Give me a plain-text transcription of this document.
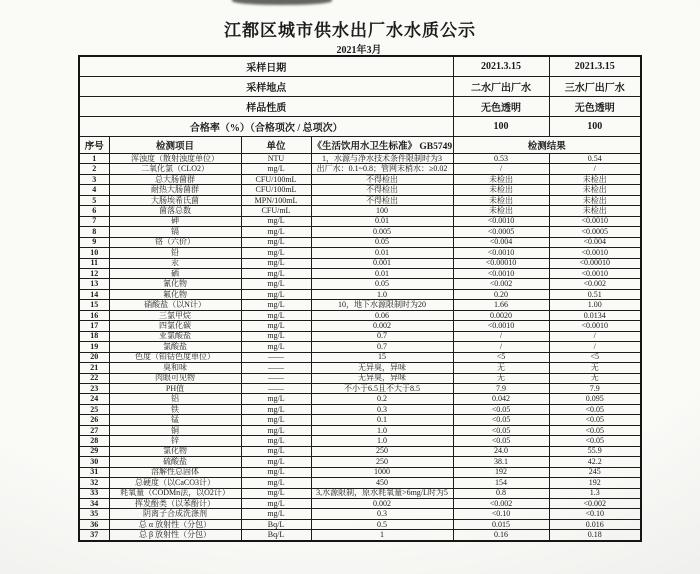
江都区城市供水出厂水水质公示
2021年3月
采样日期				2021.3.15	2021.3.15
采样地点				二水厂出厂水	三水厂出厂水
样品性质				无色透明	无色透明
合格率（%）（合格项次 / 总项次）				100	100
序号	检测项目	单位	《生活饮用水卫生标准》 GB5749	检测结果	
1	浑浊度（散射浊度单位）	NTU	1，水源与净水技术条件限制时为3	0.53	0.54
2	二氧化氯（CLO2）	mg/L	出厂水：0.1~0.8；管网末梢水：≥0.02	/	/
3	总大肠菌群	CFU/100mL	不得检出	未检出	未检出
4	耐热大肠菌群	CFU/100mL	不得检出	未检出	未检出
5	大肠埃希氏菌	MPN/100mL	不得检出	未检出	未检出
6	菌落总数	CFU/mL	100	未检出	未检出
7	砷	mg/L	0.01	<0.0010	<0.0010
8	镉	mg/L	0.005	<0.0005	<0.0005
9	铬（六价）	mg/L	0.05	<0.004	<0.004
10	铅	mg/L	0.01	<0.0010	<0.0010
11	汞	mg/L	0.001	<0.00010	<0.00010
12	硒	mg/L	0.01	<0.0010	<0.0010
13	氰化物	mg/L	0.05	<0.002	<0.002
14	氟化物	mg/L	1.0	0.20	0.51
15	硝酸盐（以N计）	mg/L	10，地下水源限制时为20	1.66	1.00
16	三氯甲烷	mg/L	0.06	0.0020	0.0134
17	四氯化碳	mg/L	0.002	<0.0010	<0.0010
18	亚氯酸盐	mg/L	0.7	/	/
19	氯酸盐	mg/L	0.7	/	/
20	色度（铂钴色度单位）	——	15	<5	<5
21	臭和味	——	无异臭，异味	无	无
22	肉眼可见物	——	无异臭，异味	无	无
23	PH值	——	不小于6.5且不大于8.5	7.9	7.9
24	铝	mg/L	0.2	0.042	0.095
25	铁	mg/L	0.3	<0.05	<0.05
26	锰	mg/L	0.1	<0.05	<0.05
27	铜	mg/L	1.0	<0.05	<0.05
28	锌	mg/L	1.0	<0.05	<0.05
29	氯化物	mg/L	250	24.0	55.9
30	硫酸盐	mg/L	250	38.1	42.2
31	溶解性总固体	mg/L	1000	192	245
32	总硬度（以CaCO3计）	mg/L	450	154	192
33	耗氧量（CODMn法，以O2计）	mg/L	3,水源限制，原水耗氧量>6mg/L时为5	0.8	1.3
34	挥发酚类（以苯酚计）	mg/L	0.002	<0.002	<0.002
35	阴离子合成洗涤剂	mg/L	0.3	<0.10	<0.10
36	总 α 放射性（分包）	Bq/L	0.5	0.015	0.016
37	总 β 放射性（分包）	Bq/L	1	0.16	0.18
